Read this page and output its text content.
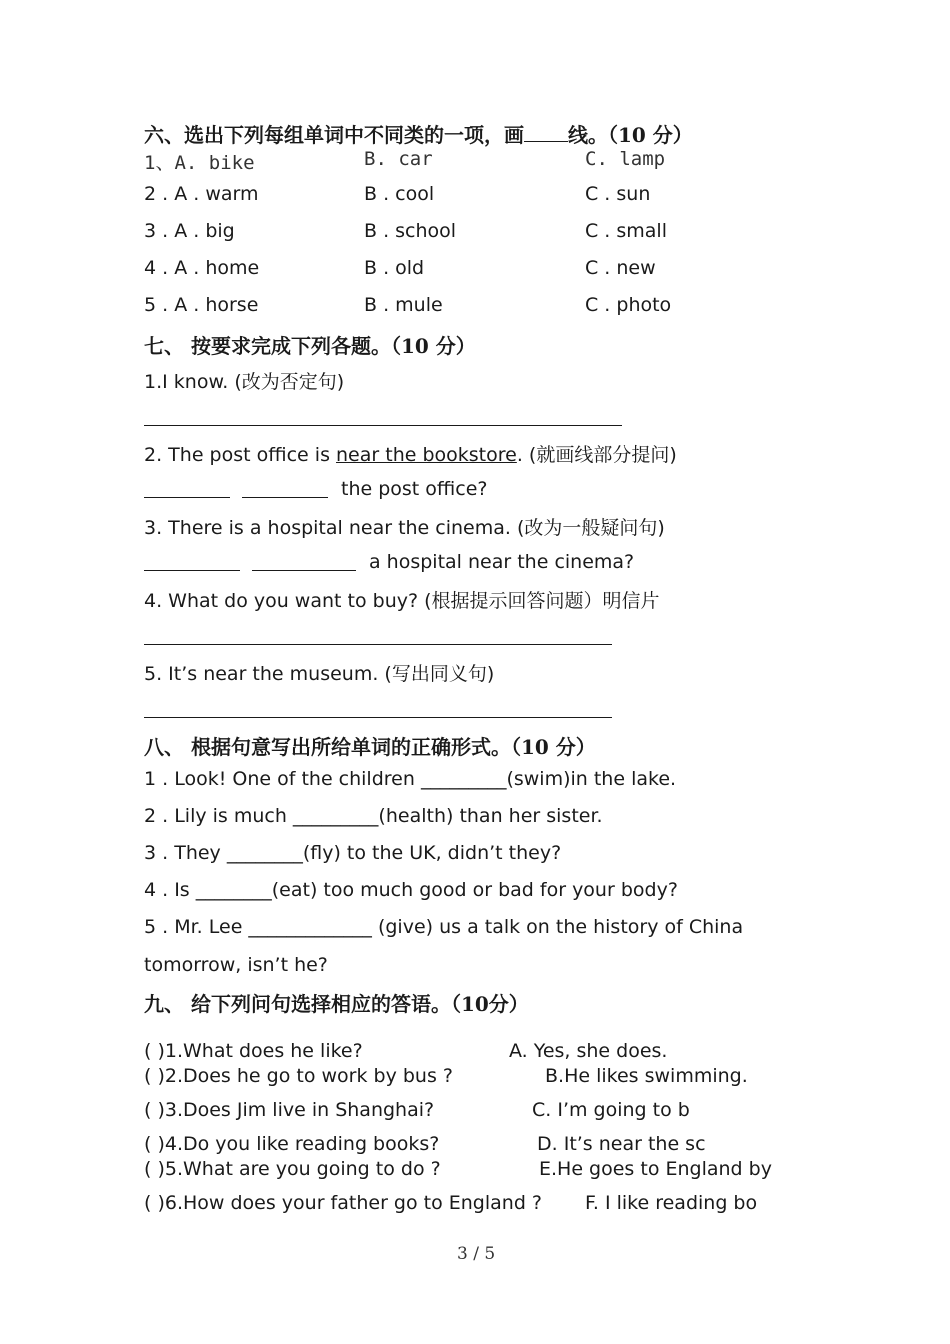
六、选出下列每组单词中不同类的一项，画 线。（10 分）
1、A. bike	B. car	C. lamp
2 . A . warm	B . cool	C . sun
3 . A . big	B . school	C . small
4 . A . home	B . old	C . new
5 . A . horse	B . mule	C . photo
七、 按要求完成下列各题。（10 分）
1.I know. (改为否定句)
2. The post office is near the bookstore. (就画线部分提问)
the post office?
3. There is a hospital near the cinema. (改为一般疑问句)
a hospital near the cinema?
4. What do you want to buy? (根据提示回答问题）明信片
5. It’s near the museum. (写出同义句)
八、 根据句意写出所给单词的正确形式。（10 分）
1 . Look! One of the children _________(swim)in the lake.
2 . Lily is much _________(health) than her sister.
3 . They ________(fly) to the UK, didn’t they?
4 . Is ________(eat) too much good or bad for your body?
5 . Mr. Lee _____________ (give) us a talk on the history of China
tomorrow, isn’t he?
九、 给下列问句选择相应的答语。（10分）
( )1.What does he like?	A. Yes, she does.
( )2.Does he go to work by bus ?	B.He likes swimming.
( )3.Does Jim live in Shanghai?	C. I’m going to b
( )4.Do you like reading books?	D. It’s near the sc
( )5.What are you going to do ?	E.He goes to England by
( )6.How does your father go to England ? F. I like reading bo
3 / 5
